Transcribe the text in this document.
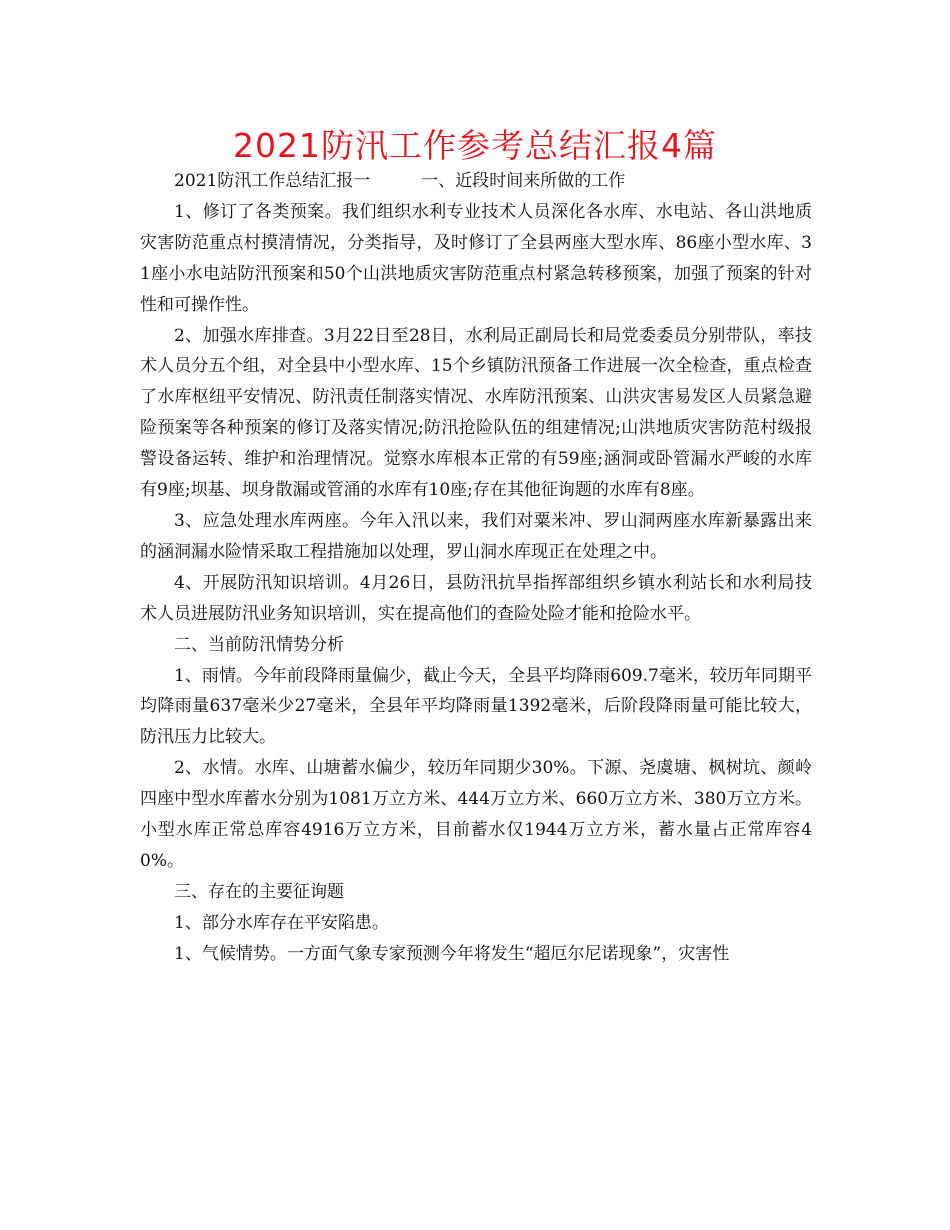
2021防汛工作参考总结汇报4篇

2021防汛工作总结汇报一　　　一、近段时间来所做的工作

1、修订了各类预案。我们组织水利专业技术人员深化各水库、水电站、各山洪地质灾害防范重点村摸清情况，分类指导，及时修订了全县两座大型水库、86座小型水库、31座小水电站防汛预案和50个山洪地质灾害防范重点村紧急转移预案，加强了预案的针对性和可操作性。

2、加强水库排查。3月22日至28日，水利局正副局长和局党委委员分别带队，率技术人员分五个组，对全县中小型水库、15个乡镇防汛预备工作进展一次全检查，重点检查了水库枢纽平安情况、防汛责任制落实情况、水库防汛预案、山洪灾害易发区人员紧急避险预案等各种预案的修订及落实情况;防汛抢险队伍的组建情况;山洪地质灾害防范村级报警设备运转、维护和治理情况。觉察水库根本正常的有59座;涵洞或卧管漏水严峻的水库有9座;坝基、坝身散漏或管涌的水库有10座;存在其他征询题的水库有8座。

3、应急处理水库两座。今年入汛以来，我们对粟米冲、罗山洞两座水库新暴露出来的涵洞漏水险情采取工程措施加以处理，罗山洞水库现正在处理之中。

4、开展防汛知识培训。4月26日，县防汛抗旱指挥部组织乡镇水利站长和水利局技术人员进展防汛业务知识培训，实在提高他们的查险处险才能和抢险水平。

二、当前防汛情势分析

1、雨情。今年前段降雨量偏少，截止今天，全县平均降雨609.7毫米，较历年同期平均降雨量637毫米少27毫米，全县年平均降雨量1392毫米，后阶段降雨量可能比较大，防汛压力比较大。

2、水情。水库、山塘蓄水偏少，较历年同期少30%。下源、尧虞塘、枫树坑、颜岭四座中型水库蓄水分别为1081万立方米、444万立方米、660万立方米、380万立方米。小型水库正常总库容4916万立方米，目前蓄水仅1944万立方米，蓄水量占正常库容40%。

三、存在的主要征询题

1、部分水库存在平安陷患。

1、气候情势。一方面气象专家预测今年将发生“超厄尔尼诺现象”，灾害性
